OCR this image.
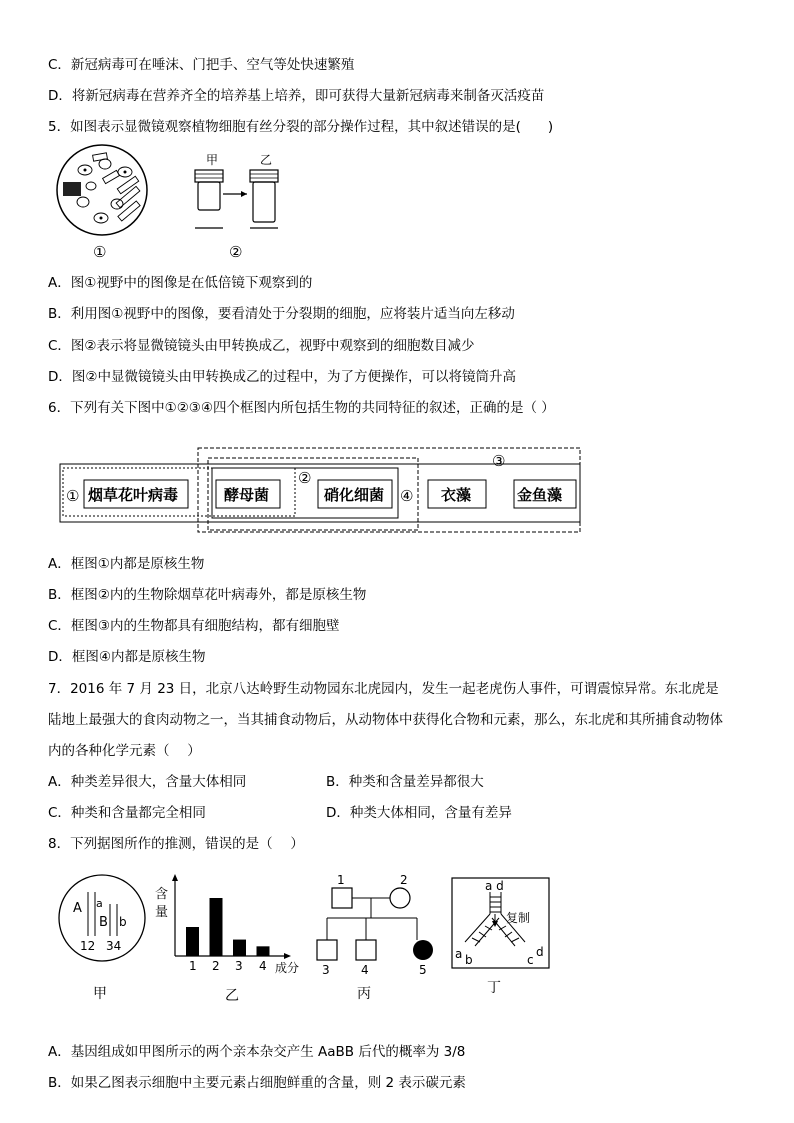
C．新冠病毒可在唾沫、门把手、空气等处快速繁殖
D．将新冠病毒在营养齐全的培养基上培养，即可获得大量新冠病毒来制备灭活疫苗
5．如图表示显微镜观察植物细胞有丝分裂的部分操作过程，其中叙述错误的是(　　)
①
甲	乙
②
A．图①视野中的图像是在低倍镜下观察到的
B．利用图①视野中的图像，要看清处于分裂期的细胞，应将装片适当向左移动
C．图②表示将显微镜镜头由甲转换成乙，视野中观察到的细胞数目减少
D．图②中显微镜镜头由甲转换成乙的过程中，为了方便操作，可以将镜筒升高
6．下列有关下图中①②③④四个框图内所包括生物的共同特征的叙述，正确的是（ ）
①
②
③
④
烟草花叶病毒	酵母菌	硝化细菌	衣藻	金鱼藻
A．框图①内都是原核生物
B．框图②内的生物除烟草花叶病毒外，都是原核生物
C．框图③内的生物都具有细胞结构，都有细胞壁
D．框图④内都是原核生物
7．2016 年 7 月 23 日，北京八达岭野生动物园东北虎园内，发生一起老虎伤人事件，可谓震惊异常。东北虎是
陆地上最强大的食肉动物之一，当其捕食动物后，从动物体中获得化合物和元素，那么，东北虎和其所捕食动物体
内的各种化学元素（　 ）
A．种类差异很大，含量大体相同	B．种类和含量差异都很大
C．种类和含量都完全相同	D．种类大体相同，含量有差异
8．下列据图所作的推测，错误的是（　 ）
A a
B b
12 34
甲
含
量
成分
1 2 3 4
乙
1	2
3	4	5
丙
a d
复制
a b	c
d
丁
A．基因组成如甲图所示的两个亲本杂交产生 AaBB 后代的概率为 3/8
B．如果乙图表示细胞中主要元素占细胞鲜重的含量，则 2 表示碳元素
